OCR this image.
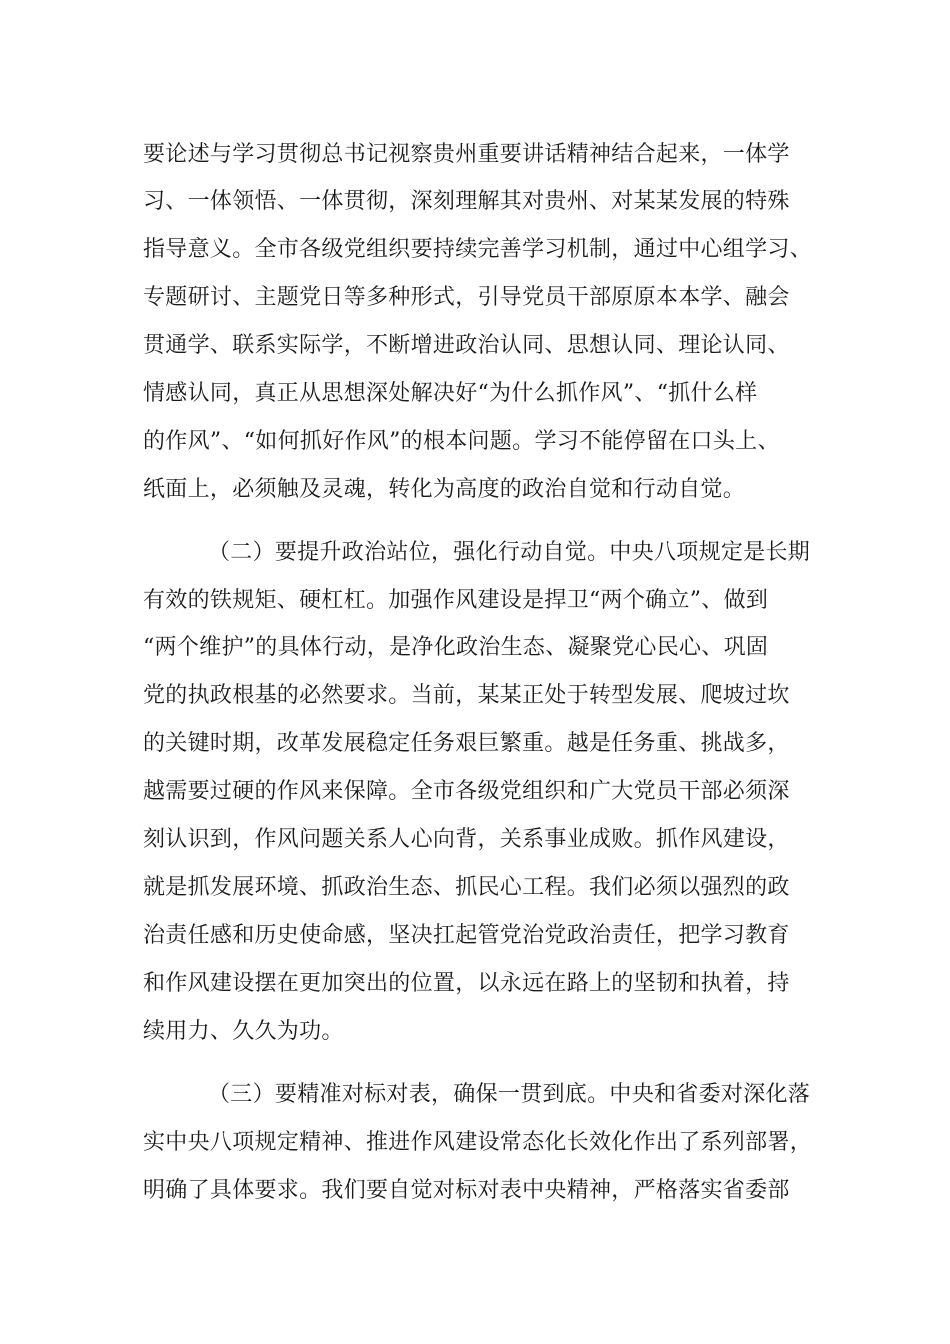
要论述与学习贯彻总书记视察贵州重要讲话精神结合起来，一体学
习、一体领悟、一体贯彻，深刻理解其对贵州、对某某发展的特殊
指导意义。全市各级党组织要持续完善学习机制，通过中心组学习、
专题研讨、主题党日等多种形式，引导党员干部原原本本学、融会
贯通学、联系实际学，不断增进政治认同、思想认同、理论认同、
情感认同，真正从思想深处解决好“为什么抓作风”、“抓什么样
的作风”、“如何抓好作风”的根本问题。学习不能停留在口头上、
纸面上，必须触及灵魂，转化为高度的政治自觉和行动自觉。
（二）要提升政治站位，强化行动自觉。中央八项规定是长期
有效的铁规矩、硬杠杠。加强作风建设是捍卫“两个确立”、做到
“两个维护”的具体行动，是净化政治生态、凝聚党心民心、巩固
党的执政根基的必然要求。当前，某某正处于转型发展、爬坡过坎
的关键时期，改革发展稳定任务艰巨繁重。越是任务重、挑战多，
越需要过硬的作风来保障。全市各级党组织和广大党员干部必须深
刻认识到，作风问题关系人心向背，关系事业成败。抓作风建设，
就是抓发展环境、抓政治生态、抓民心工程。我们必须以强烈的政
治责任感和历史使命感，坚决扛起管党治党政治责任，把学习教育
和作风建设摆在更加突出的位置，以永远在路上的坚韧和执着，持
续用力、久久为功。
（三）要精准对标对表，确保一贯到底。中央和省委对深化落
实中央八项规定精神、推进作风建设常态化长效化作出了系列部署，
明确了具体要求。我们要自觉对标对表中央精神，严格落实省委部
